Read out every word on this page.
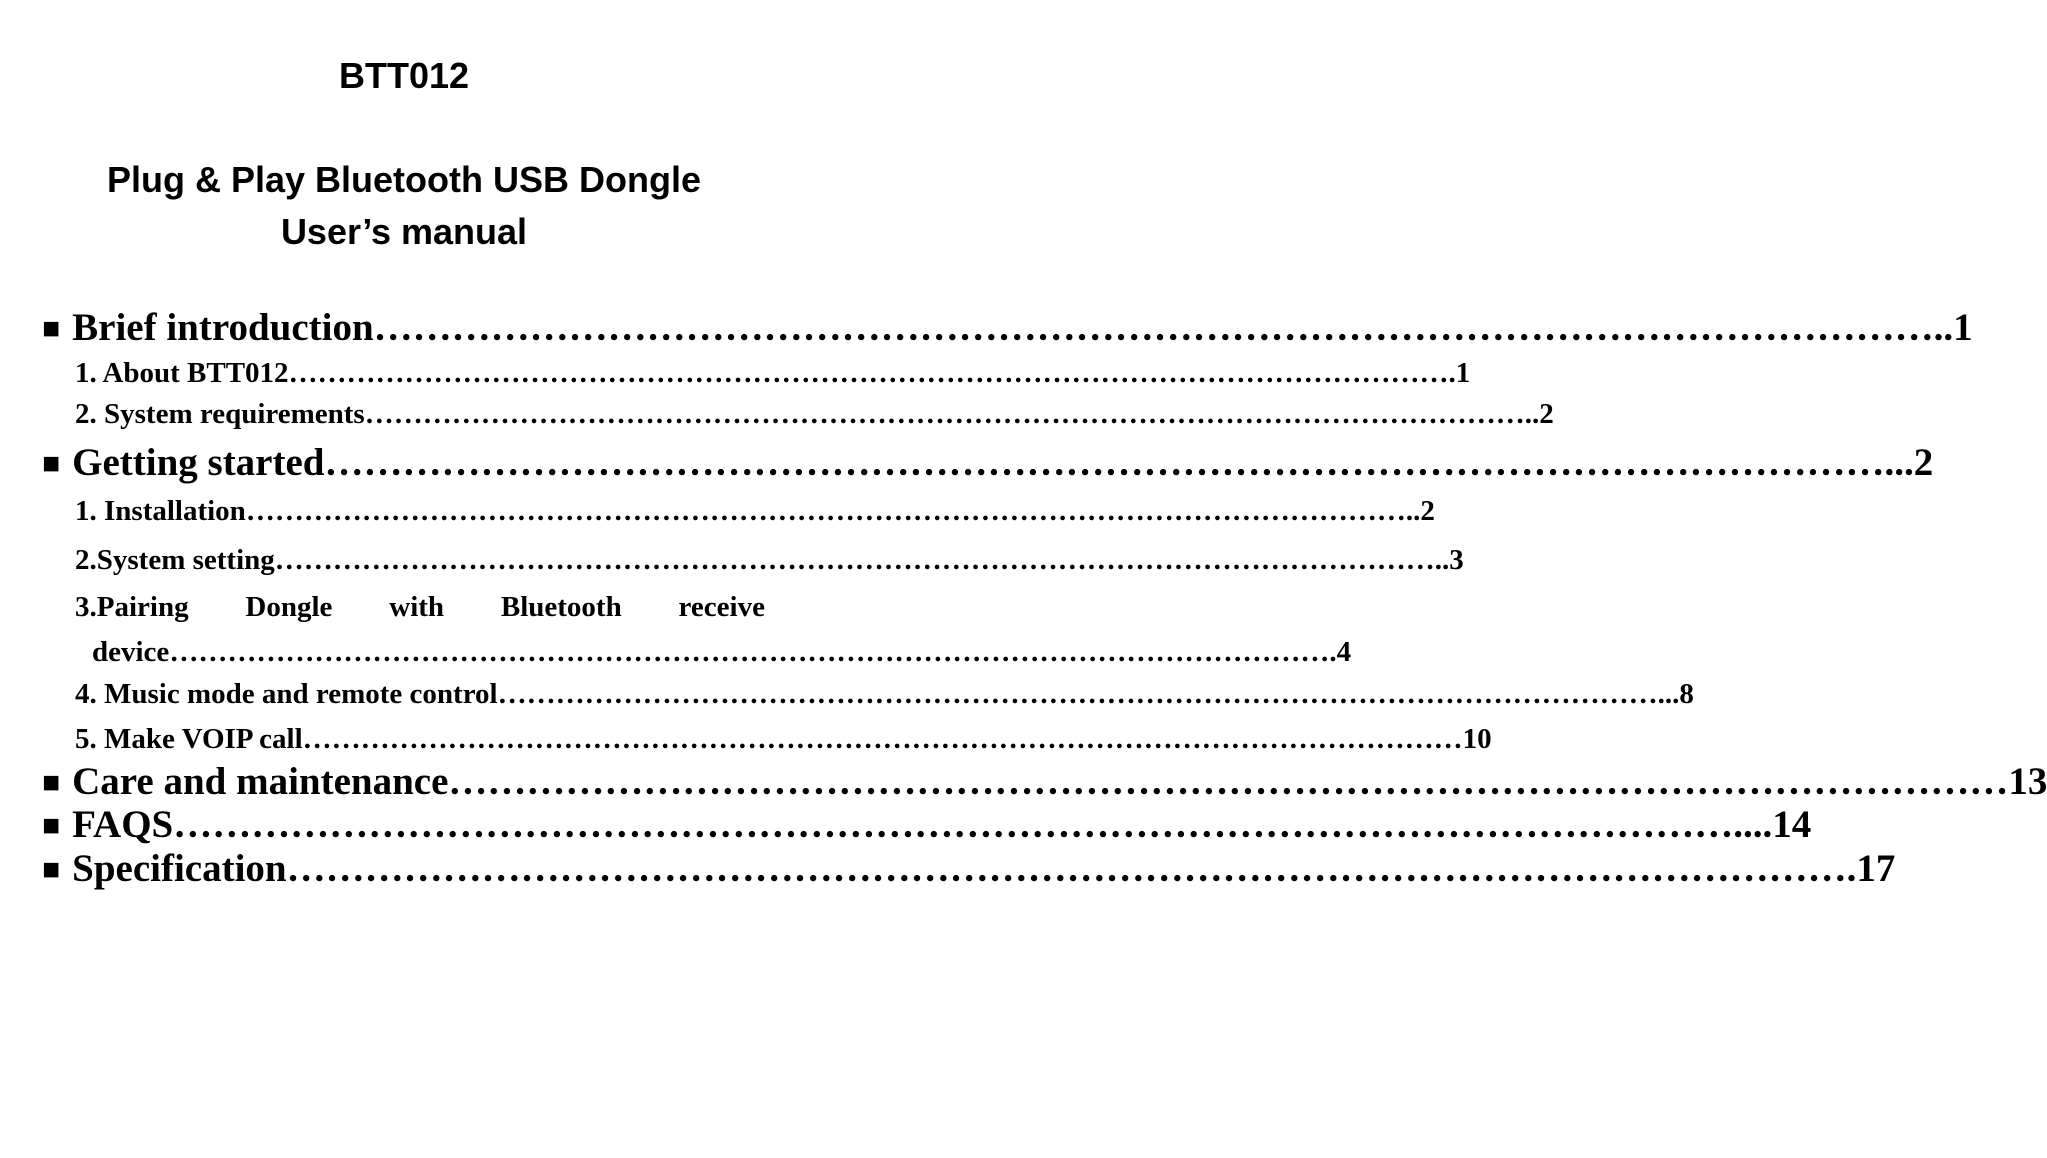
BTT012
Plug & Play Bluetooth USB Dongle
User’s manual
■ Brief introduction ………………………………………………………………………………………………………… ..1
1. About BTT012 ………………………………………………………………………………………………………… .1
2. System requirements ………………………………………………………………………………………………………… ..2
■ Getting started ………………………………………………………………………………………………………… ...2
1. Installation ………………………………………………………………………………………………………… ..2
2.System setting ………………………………………………………………………………………………………… ..3
3.Pairing Dongle with Bluetooth receive
device ………………………………………………………………………………………………………… .4
4. Music mode and remote control ………………………………………………………………………………………………………… ...8
5. Make VOIP call ………………………………………………………………………………………………………… 10
■ Care and maintenance ………………………………………………………………………………………………………… 13
■ FAQS ………………………………………………………………………………………………………… ....14
■ Specification ………………………………………………………………………………………………………… .17
